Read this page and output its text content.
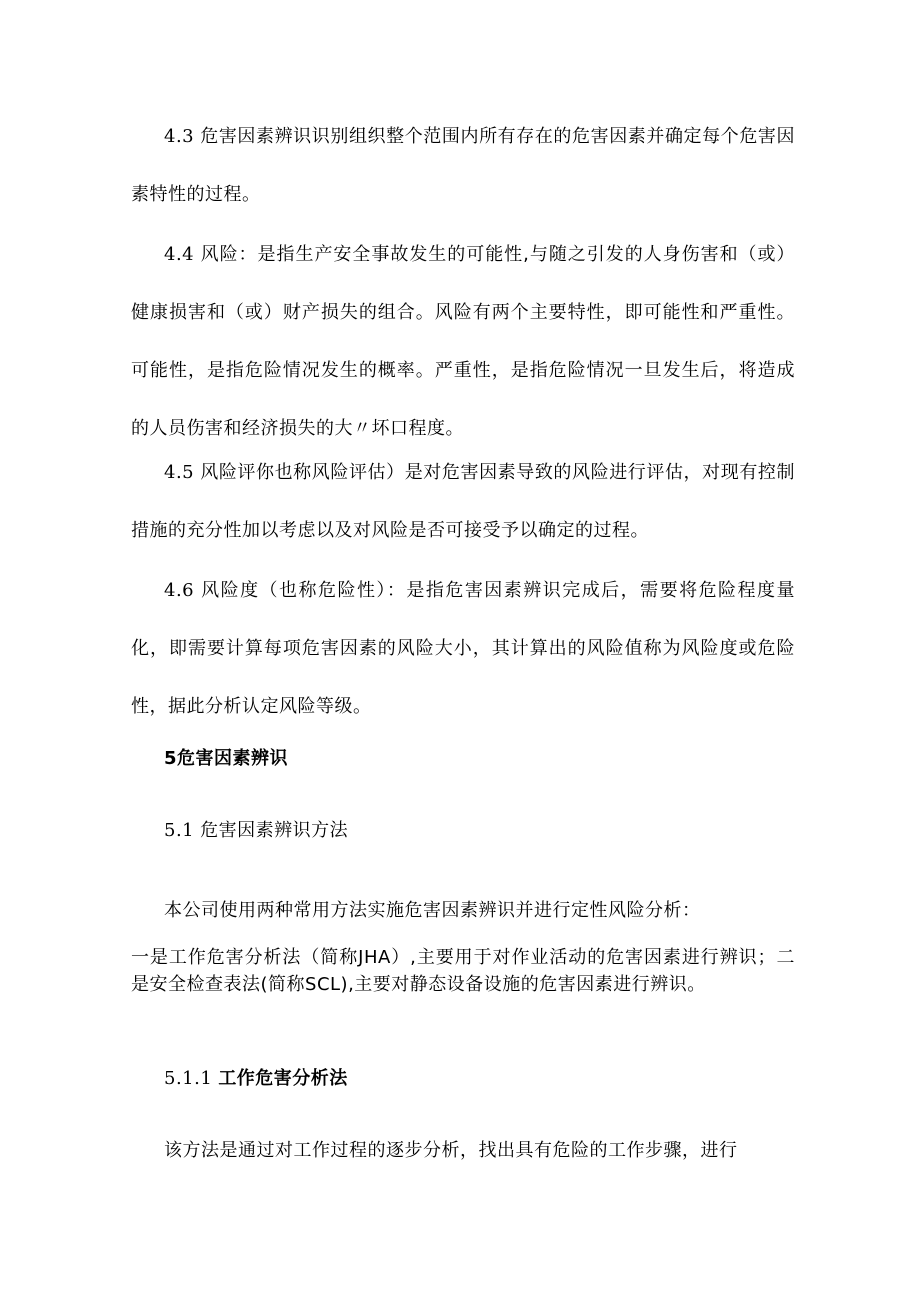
4.3 危害因素辨识识别组织整个范围内所有存在的危害因素并确定每个危害因素特性的过程。

4.4 风险：是指生产安全事故发生的可能性,与随之引发的人身伤害和（或）健康损害和（或）财产损失的组合。风险有两个主要特性，即可能性和严重性。可能性，是指危险情况发生的概率。严重性，是指危险情况一旦发生后，将造成的人员伤害和经济损失的大〃坏口程度。

4.5 风险评你也称风险评估）是对危害因素导致的风险进行评估，对现有控制措施的充分性加以考虑以及对风险是否可接受予以确定的过程。

4.6 风险度（也称危险性）：是指危害因素辨识完成后，需要将危险程度量化，即需要计算每项危害因素的风险大小，其计算出的风险值称为风险度或危险性，据此分析认定风险等级。

5危害因素辨识

5.1 危害因素辨识方法

本公司使用两种常用方法实施危害因素辨识并进行定性风险分析：

一是工作危害分析法（简称JHA）,主要用于对作业活动的危害因素进行辨识；二是安全检查表法(简称SCL),主要对静态设备设施的危害因素进行辨识。

5.1.1 工作危害分析法

该方法是通过对工作过程的逐步分析，找出具有危险的工作步骤，进行
